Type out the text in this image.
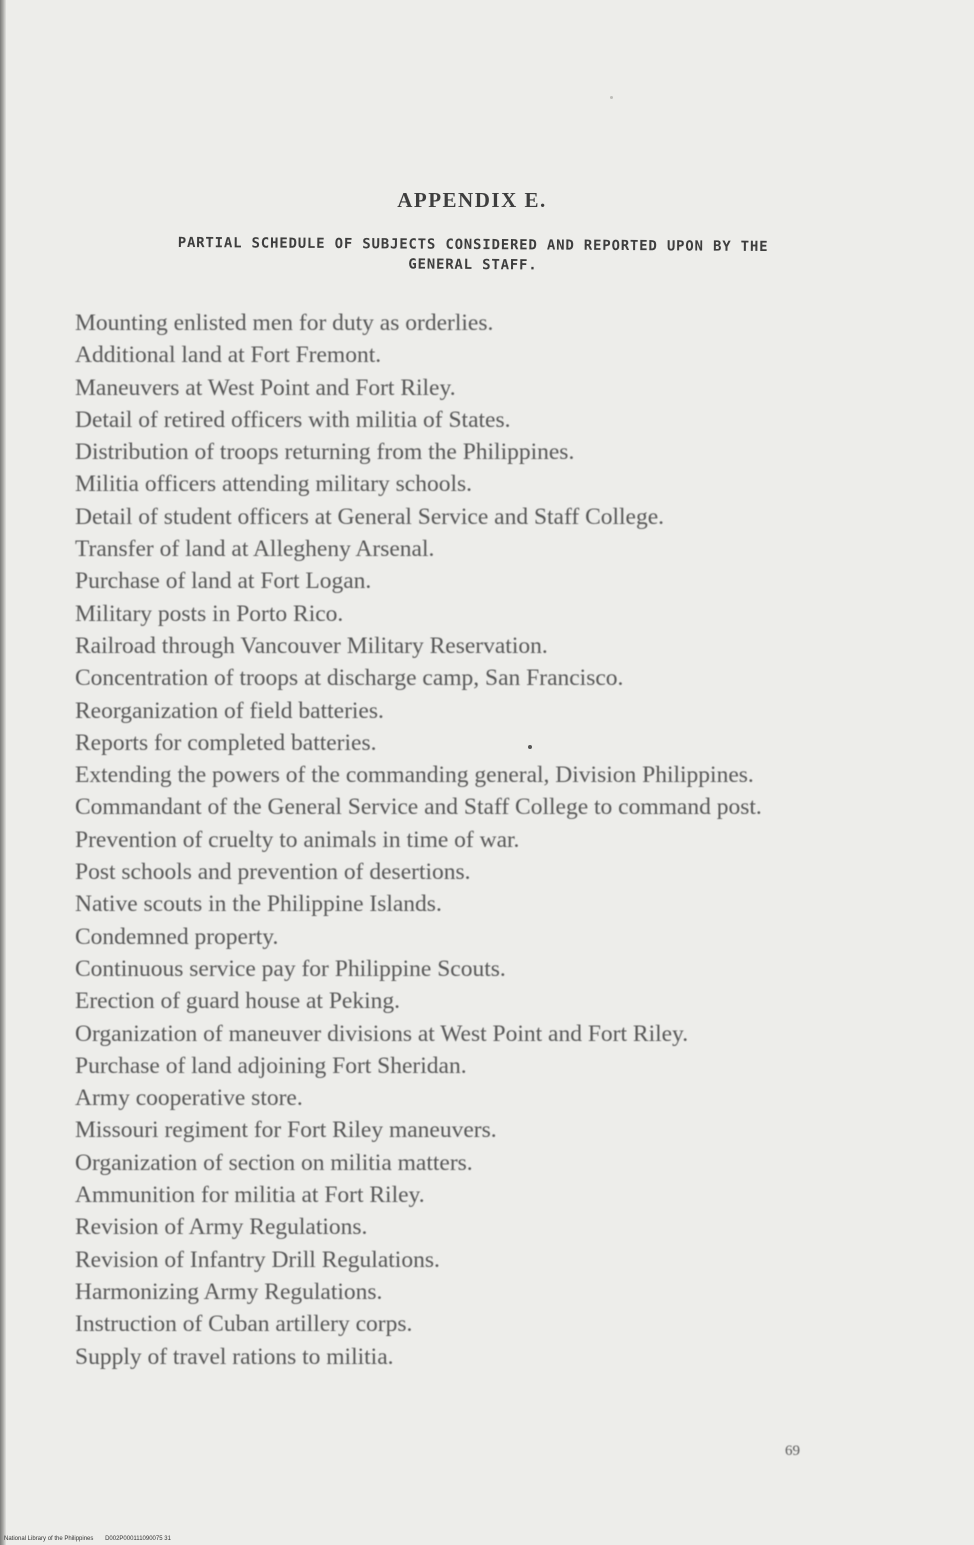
APPENDIX E.
PARTIAL SCHEDULE OF SUBJECTS CONSIDERED AND REPORTED UPON BY THE
GENERAL STAFF.
Mounting enlisted men for duty as orderlies.
Additional land at Fort Fremont.
Maneuvers at West Point and Fort Riley.
Detail of retired officers with militia of States.
Distribution of troops returning from the Philippines.
Militia officers attending military schools.
Detail of student officers at General Service and Staff College.
Transfer of land at Allegheny Arsenal.
Purchase of land at Fort Logan.
Military posts in Porto Rico.
Railroad through Vancouver Military Reservation.
Concentration of troops at discharge camp, San Francisco.
Reorganization of field batteries.
Reports for completed batteries.
Extending the powers of the commanding general, Division Philippines.
Commandant of the General Service and Staff College to command post.
Prevention of cruelty to animals in time of war.
Post schools and prevention of desertions.
Native scouts in the Philippine Islands.
Condemned property.
Continuous service pay for Philippine Scouts.
Erection of guard house at Peking.
Organization of maneuver divisions at West Point and Fort Riley.
Purchase of land adjoining Fort Sheridan.
Army cooperative store.
Missouri regiment for Fort Riley maneuvers.
Organization of section on militia matters.
Ammunition for militia at Fort Riley.
Revision of Army Regulations.
Revision of Infantry Drill Regulations.
Harmonizing Army Regulations.
Instruction of Cuban artillery corps.
Supply of travel rations to militia.
69
National Library of the Philippines D002P000111090075 31
